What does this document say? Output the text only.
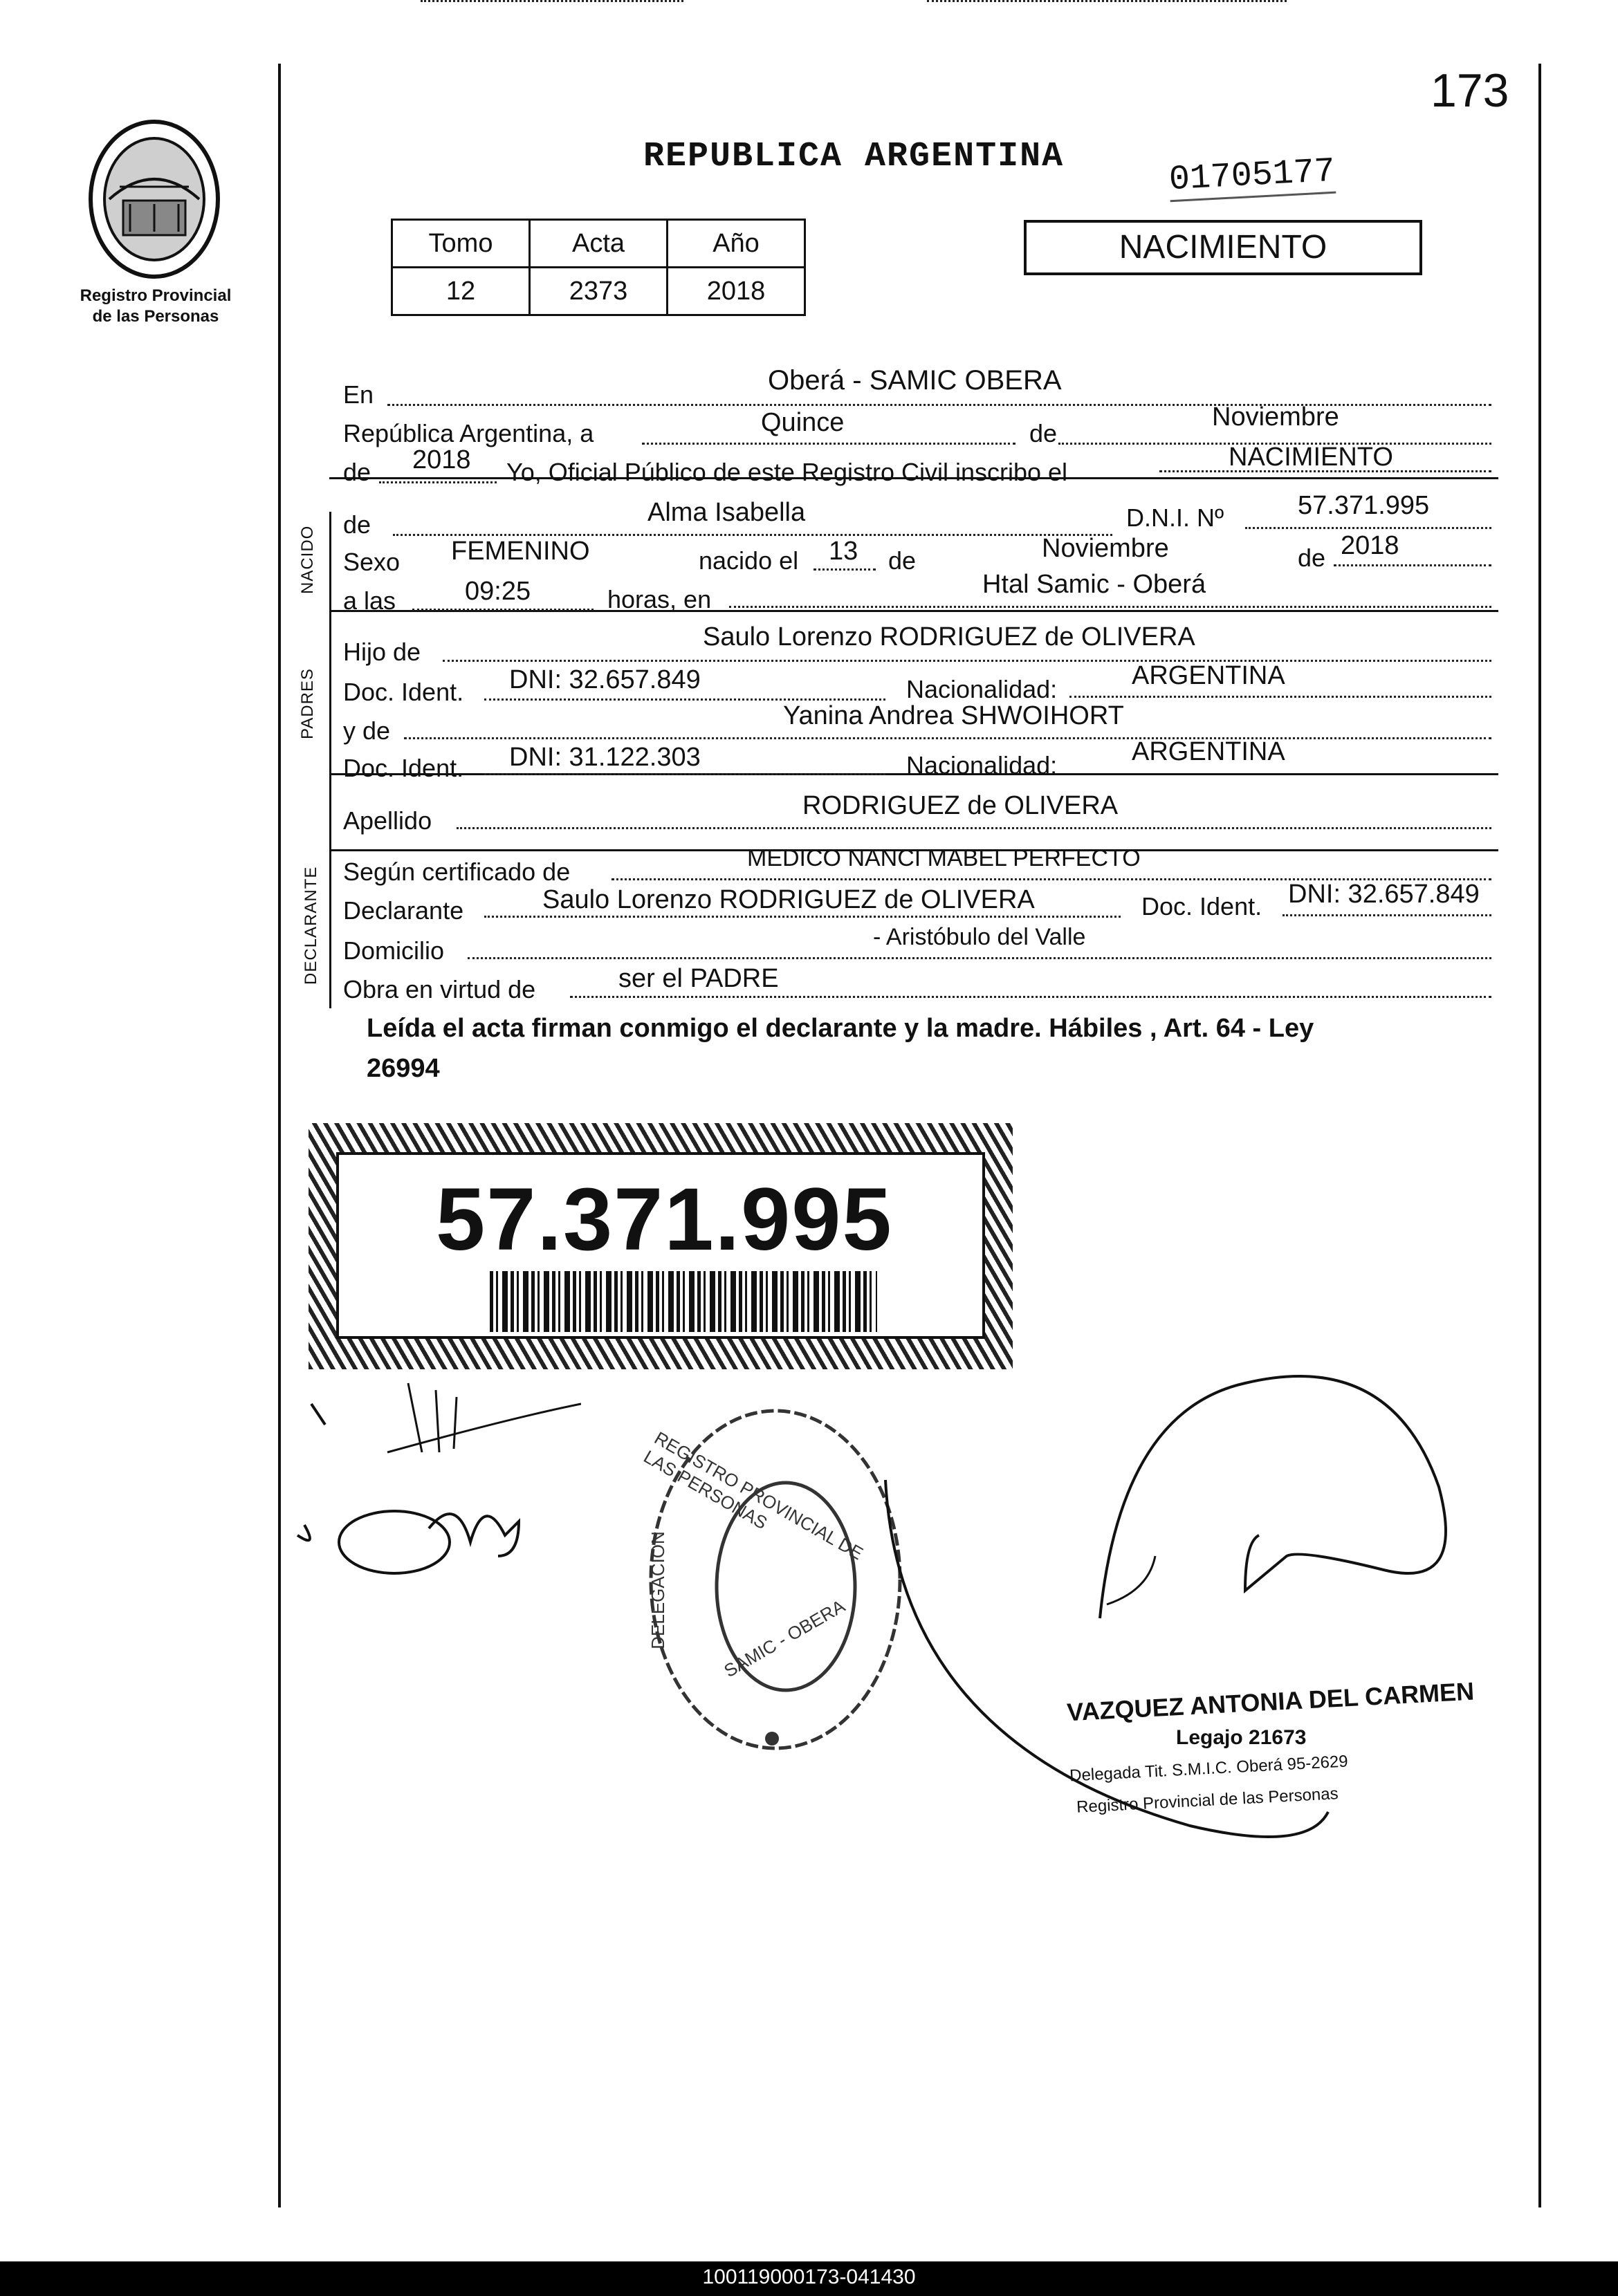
173
Registro Provincial
de las Personas
REPUBLICA ARGENTINA	01705177
NACIMIENTO
Tomo	Acta	Año
12	2373	2018
NACIDO
PADRES
DECLARANTE
En	Oberá - SAMIC OBERA
República Argentina, a	Quince	de
Noviembre
de 2018 Yo, Oficial Público de este Registro Civil inscribo el
NACIMIENTO
de	Alma Isabella	D.N.I. Nº	57.371.995
Sexo FEMENINO	nacido el 13 de	Noviembre	de 2018
a las	09:25	horas, en
Htal Samic - Oberá
Hijo de
Saulo Lorenzo RODRIGUEZ de OLIVERA
Doc. Ident. DNI: 32.657.849	Nacionalidad:	ARGENTINA
y de
Yanina Andrea SHWOIHORT
Doc. Ident. DNI: 31.122.303	Nacionalidad:	ARGENTINA
Apellido
RODRIGUEZ de OLIVERA
Según certificado de	MEDICO NANCI MABEL PERFECTO
Declarante	Saulo Lorenzo RODRIGUEZ de OLIVERA	Doc. Ident. DNI: 32.657.849
Domicilio	- Aristóbulo del Valle
Obra en virtud de	ser el PADRE
Leída el acta firman conmigo el declarante y la madre. Hábiles , Art. 64 - Ley
26994
57.371.995
REGISTRO PROVINCIAL DE LAS PERSONAS
SAMIC - OBERA
DELEGACION
VAZQUEZ ANTONIA DEL CARMEN
Legajo 21673
Delegada Tit. S.M.I.C. Oberá 95-2629
Registro Provincial de las Personas
100119000173-041430
